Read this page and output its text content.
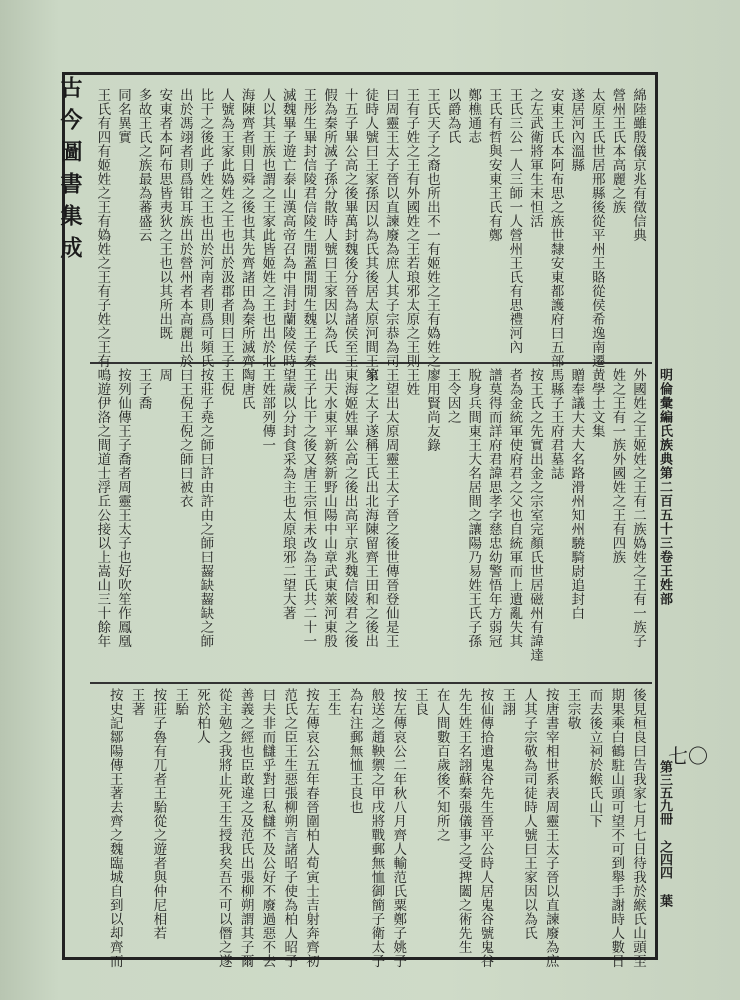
古今圖書集成	綿陸雖殷儀京兆有徵信典
營州王氏本高麗之族
太原王氏世居邢縣後從平州王賂從侯希逸南遷
遂居河內溫縣
安東王氏本阿布思之族世隸安東都護府曰五部
之左武衛將軍生末怛活
王氏三公一人三師一人營州王氏有思禮河內
王氏有哲與安東王氏有鄭
鄭樵通志
以爵為氏
王氏天子之裔也所出不一有姬姓之王有媯姓之
王有子姓之王有外國姓之王若琅邪太原之王則
曰周靈王太子晉以直諫廢為庶人其子宗恭為司
徒時人號曰王家孫因以為氏其後居太原河間王第
十五子畢公高之後畢萬封魏後分晉為諸侯至王
假為秦所滅子孫分散時人號曰王家因以為氏
王彤生畢封信陵君信陵生閒蓋閒閒生魏王子秦
滅魏畢子遊亡泰山漢高帝召為中涓封蘭陵侯時
人以其王族也謂之王家此皆姬姓之王也出於北
海陳齊者則日舜之後也其先齊諸田為秦所滅齊
人號為王家此媯姓之王也出於汲郡者則曰王子
比干之後此子姓之王也出於河南者則爲可頻氏
出於馮翊者則爲钳耳族出於營州者本高麗出於
安東者本阿布思皆夷狄之王也以其所出既
多故王氏之族最為蕃盛云
同名異實
王氏有四有姬姓之王有媯姓之王有子姓之王有
外國姓之王姬姓之王有二族媯姓之王有一族子
姓之王有一族外國姓之王有四族
黄學士文集
贈奉議大夫大名路滑州知州驍騎尉追封白
馬縣子王府君墓誌
按王氏之先實出金之宗室完顏氏世居磁州有諱達
者為金統軍使府君之父也自統軍而上遺亂失其
譜莫得而詳府君諱思孝字慈忠幼警悟年方弱冠
脫身兵間東王大名居間之讓陽乃易姓王氏子孫
王令因之
廖用賢尚友錄
王姓
王望出太原周靈王太子晉之後世傳晉登仙是王
家之太子遂稱王氏出北海陳留齊王田和之後出
東海姬姓畢公高之後出高平京兆魏信陵君之後
出天水東平新蔡新野山陽中山章武東萊河東殷
王子比干之後又唐王宗恒未改為王氏共二十一
望歲以分封食采為主也太原琅邪二望大著
王姓部列傳一
陶唐氏
王倪
按莊子堯之師曰許由許由之師曰齧缺齧缺之師
曰王倪王倪之師曰被衣
周
王子喬
按列仙傳王子喬者周靈王太子也好吹笙作鳳凰
鳴遊伊洛之間道士浮丘公接以上嵩山三十餘年
後見桓良曰告我家七月七日待我於緱氏山頭至
期果乘白鶴駐山頭可望不可到舉手謝時人數日
而去後立祠於緱氏山下
王宗敬
按唐書宰相世系表周靈王太子晉以直諫廢為庶
人其子宗敬為司徒時人號曰王家因以為氏
王詡
按仙傳拾遺鬼谷先生晉平公時人居鬼谷號鬼谷
先生姓王名詡蘇秦張儀事之受捭闔之術先生
在人間數百歲後不知所之
王良
按左傳哀公二年秋八月齊人輸范氏粟鄭子姚子
般送之趙鞅禦之甲戌將戰郵無恤御簡子衛太子
為右注郵無恤王良也
王生
按左傳哀公五年春晉圍柏人荀寅士吉射奔齊初
范氏之臣王生惡張柳朔言諸昭子使為柏人昭子
曰夫非而讎乎對曰私讎不及公好不廢過惡不去
善義之經也臣敢違之及范氏出張柳朔謂其子爾
從主勉之我將止死王生授我矣吾不可以僭之遂
死於柏人
王駘
按莊子魯有兀者王駘從之遊者與仲尼相若
王著
按史記鄒陽傳王著去齊之魏臨城自到以却齊而
明倫彙編氏族典第二百五十三卷王姓部
七〇
第三五九冊 之四四 葉
